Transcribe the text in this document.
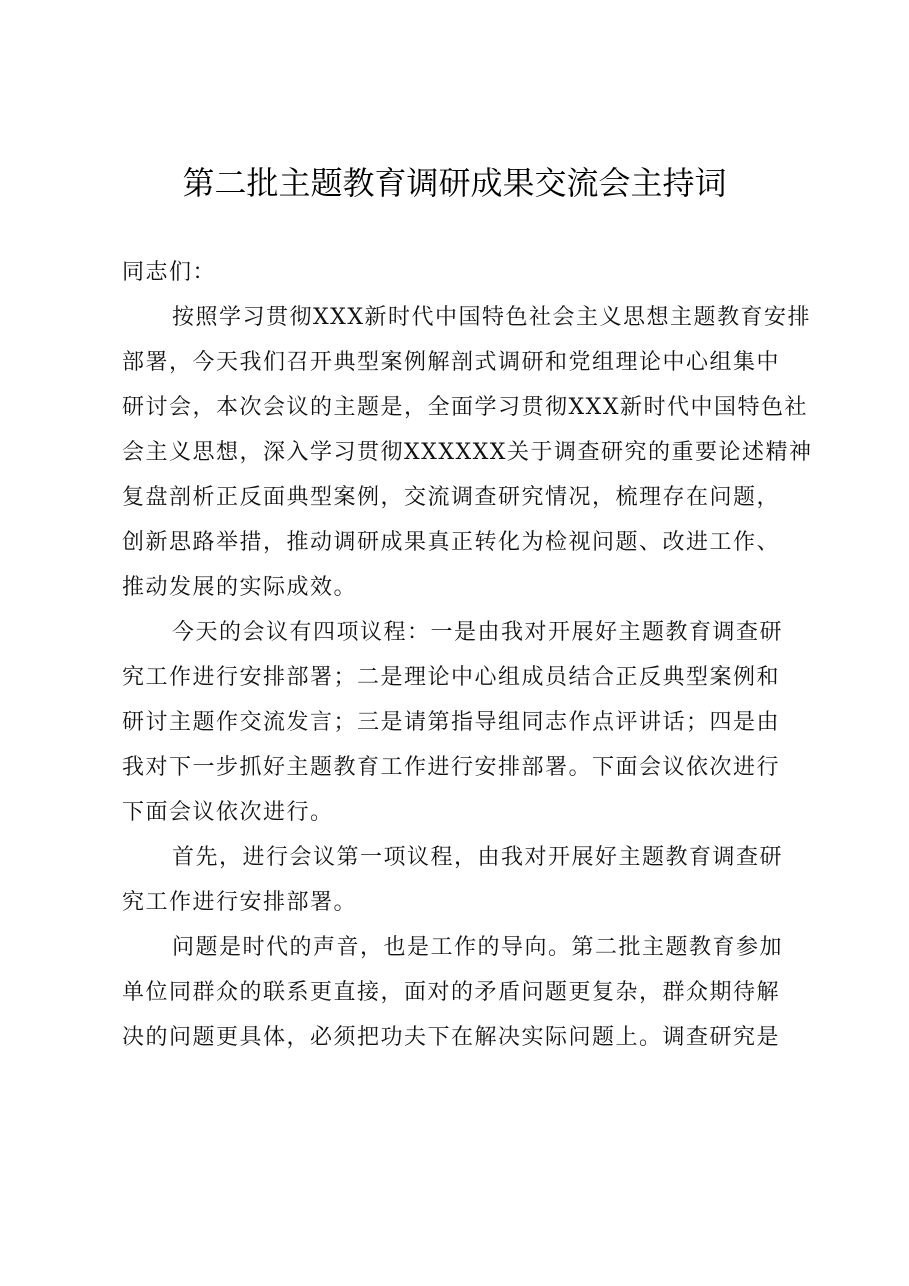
第二批主题教育调研成果交流会主持词
同志们：
按照学习贯彻XXX新时代中国特色社会主义思想主题教育安排
部署，今天我们召开典型案例解剖式调研和党组理论中心组集中
研讨会，本次会议的主题是，全面学习贯彻XXX新时代中国特色社
会主义思想，深入学习贯彻XXXXXX关于调查研究的重要论述精神
复盘剖析正反面典型案例，交流调查研究情况，梳理存在问题，
创新思路举措，推动调研成果真正转化为检视问题、改进工作、
推动发展的实际成效。
今天的会议有四项议程：一是由我对开展好主题教育调查研
究工作进行安排部署；二是理论中心组成员结合正反典型案例和
研讨主题作交流发言；三是请第指导组同志作点评讲话；四是由
我对下一步抓好主题教育工作进行安排部署。下面会议依次进行
下面会议依次进行。
首先，进行会议第一项议程，由我对开展好主题教育调查研
究工作进行安排部署。
问题是时代的声音，也是工作的导向。第二批主题教育参加
单位同群众的联系更直接，面对的矛盾问题更复杂，群众期待解
决的问题更具体，必须把功夫下在解决实际问题上。调查研究是
